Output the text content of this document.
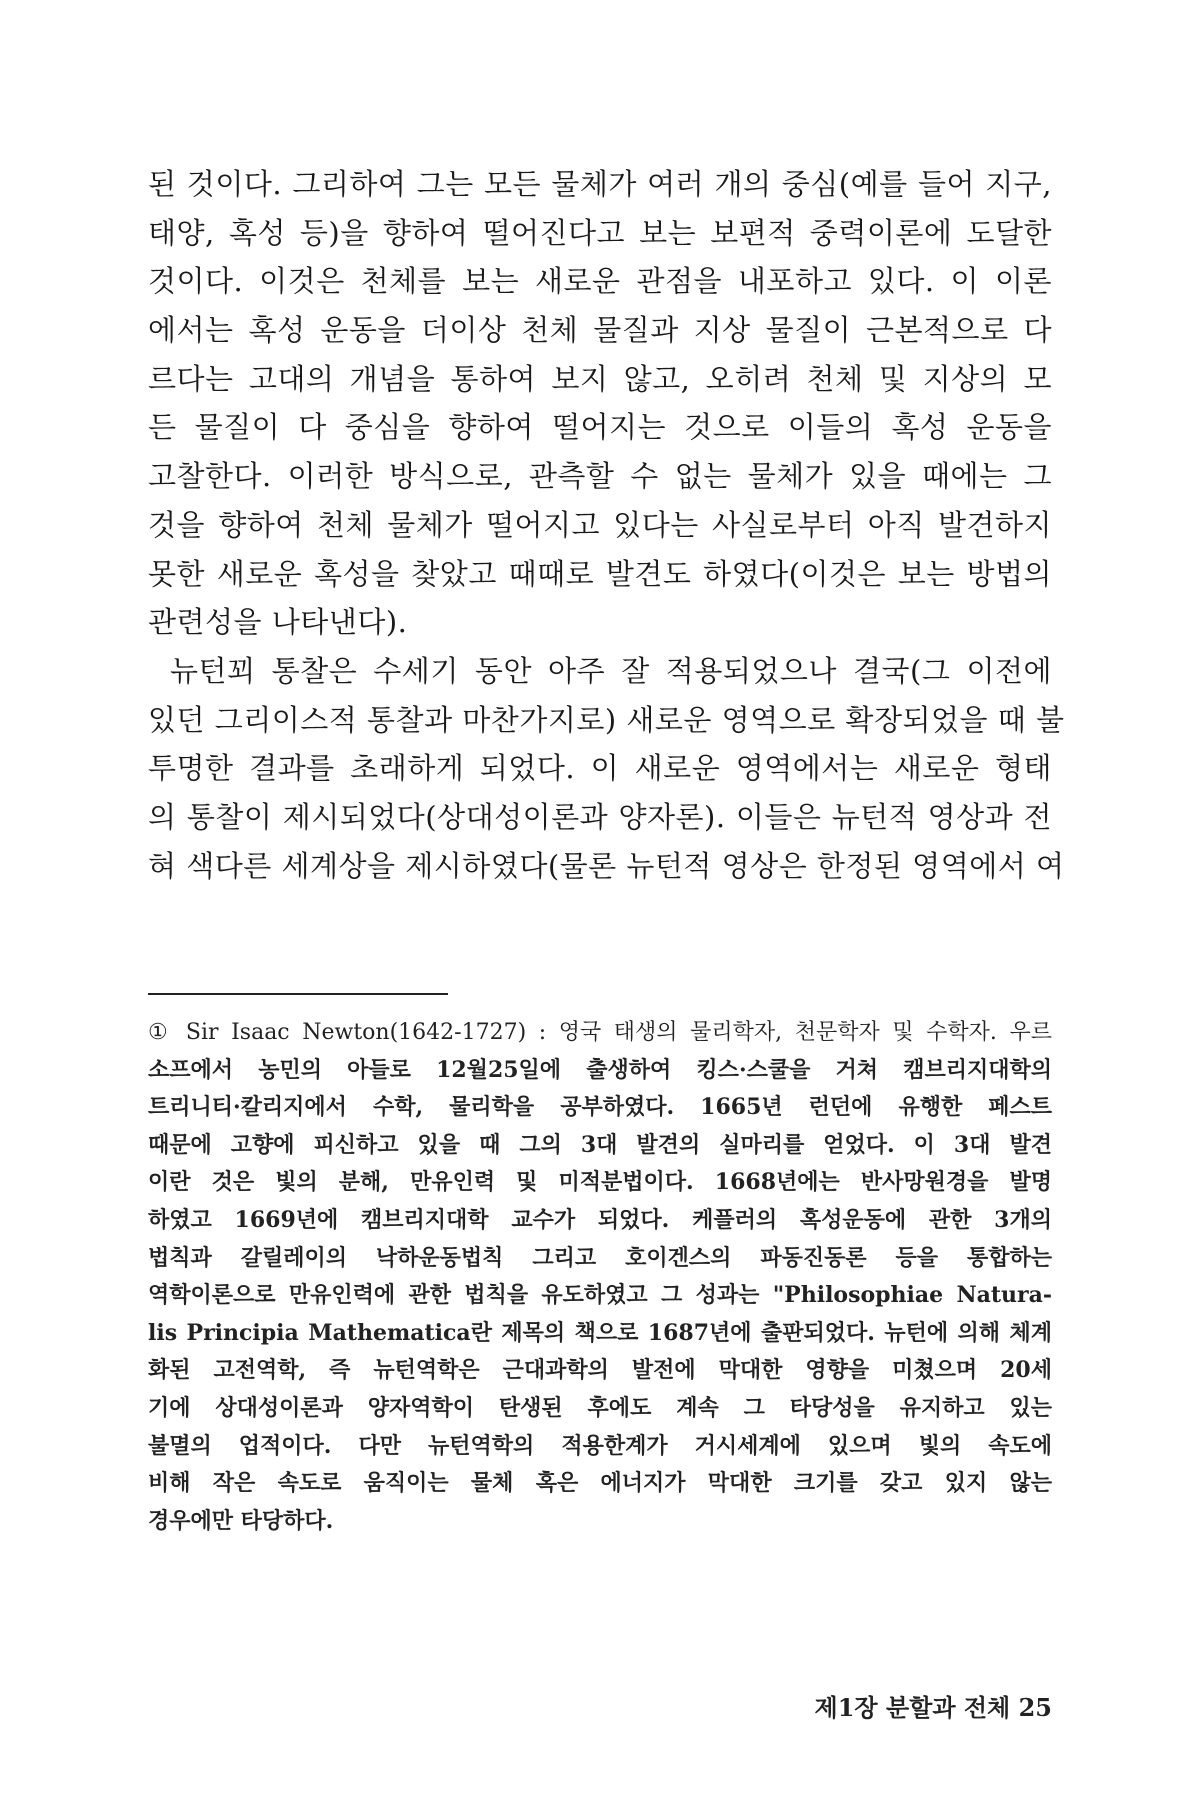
된 것이다. 그리하여 그는 모든 물체가 여러 개의 중심(예를 들어 지구,
태양, 혹성 등)을 향하여 떨어진다고 보는 보편적 중력이론에 도달한
것이다. 이것은 천체를 보는 새로운 관점을 내포하고 있다. 이 이론
에서는 혹성 운동을 더이상 천체 물질과 지상 물질이 근본적으로 다
르다는 고대의 개념을 통하여 보지 않고, 오히려 천체 및 지상의 모
든 물질이 다 중심을 향하여 떨어지는 것으로 이들의 혹성 운동을
고찰한다. 이러한 방식으로, 관측할 수 없는 물체가 있을 때에는 그
것을 향하여 천체 물체가 떨어지고 있다는 사실로부터 아직 발견하지
못한 새로운 혹성을 찾았고 때때로 발견도 하였다(이것은 보는 방법의
관련성을 나타낸다).
뉴턴꾀 통찰은 수세기 동안 아주 잘 적용되었으나 결국(그 이전에
있던 그리이스적 통찰과 마찬가지로) 새로운 영역으로 확장되었을 때 불
투명한 결과를 초래하게 되었다. 이 새로운 영역에서는 새로운 형태
의 통찰이 제시되었다(상대성이론과 양자론). 이들은 뉴턴적 영상과 전
혀 색다른 세계상을 제시하였다(물론 뉴턴적 영상은 한정된 영역에서 여
① Sir Isaac Newton(1642-1727) : 영국 태생의 물리학자, 천문학자 및 수학자. 우르
소프에서 농민의 아들로 12월25일에 출생하여 킹스·스쿨을 거쳐 캠브리지대학의
트리니티·칼리지에서 수학, 물리학을 공부하였다. 1665년 런던에 유행한 페스트
때문에 고향에 피신하고 있을 때 그의 3대 발견의 실마리를 얻었다. 이 3대 발견
이란 것은 빛의 분해, 만유인력 및 미적분법이다. 1668년에는 반사망원경을 발명
하였고 1669년에 캠브리지대학 교수가 되었다. 케플러의 혹성운동에 관한 3개의
법칙과 갈릴레이의 낙하운동법칙 그리고 호이겐스의 파동진동론 등을 통합하는
역학이론으로 만유인력에 관한 법칙을 유도하였고 그 성과는 "Philosophiae Natura-
lis Principia Mathematica란 제목의 책으로 1687년에 출판되었다. 뉴턴에 의해 체계
화된 고전역학, 즉 뉴턴역학은 근대과학의 발전에 막대한 영향을 미쳤으며 20세
기에 상대성이론과 양자역학이 탄생된 후에도 계속 그 타당성을 유지하고 있는
불멸의 업적이다. 다만 뉴턴역학의 적용한계가 거시세계에 있으며 빛의 속도에
비해 작은 속도로 움직이는 물체 혹은 에너지가 막대한 크기를 갖고 있지 않는
경우에만 타당하다.
제1장 분할과 전체 25
